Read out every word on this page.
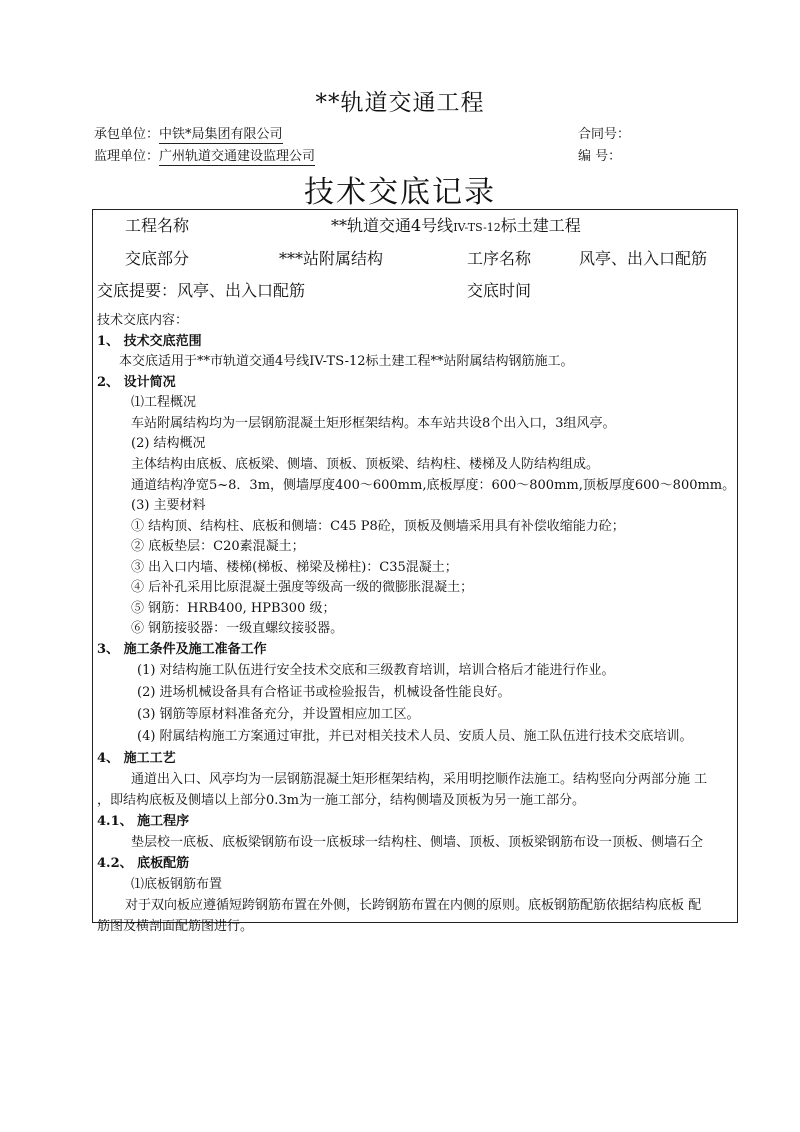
**轨道交通工程
承包单位：中铁*局集团有限公司
监理单位：广州轨道交通建设监理公司
合同号：
编 号：
技术交底记录
工程名称	**轨道交通4号线IV-TS-12标土建工程
交底部分	***站附属结构	工序名称	风亭、出入口配筋
交底提要：风亭、出入口配筋	交底时间
技术交底内容：
1、 技术交底范围
本交底适用于**市轨道交通4号线IV-TS-12标土建工程**站附属结构钢筋施工。
2、 设计简况
⑴工程概况
车站附属结构均为一层钢筋混凝土矩形框架结构。本车站共设8个出入口，3组风亭。
(2) 结构概况
主体结构由底板、底板梁、侧墙、顶板、顶板梁、结构柱、楼梯及人防结构组成。
通道结构净宽5~8．3m，侧墙厚度400～600mm,底板厚度：600～800mm,顶板厚度600～800mm。
(3) 主要材料
① 结构顶、结构柱、底板和侧墙：C45 P8砼，顶板及侧墙采用具有补偿收缩能力砼；
② 底板垫层：C20素混凝土；
③ 出入口内墙、楼梯(梯板、梯梁及梯柱)：C35混凝土；
④ 后补孔采用比原混凝土强度等级高一级的微膨胀混凝土；
⑤ 钢筋：HRB400, HPB300 级；
⑥ 钢筋接驳器：一级直螺纹接驳器。
3、 施工条件及施工准备工作
(1) 对结构施工队伍进行安全技术交底和三级教育培训，培训合格后才能进行作业。
(2) 进场机械设备具有合格证书或检验报告，机械设备性能良好。
(3) 钢筋等原材料准备充分，并设置相应加工区。
(4) 附属结构施工方案通过审批，并已对相关技术人员、安质人员、施工队伍进行技术交底培训。
4、 施工工艺
通道出入口、风亭均为一层钢筋混凝土矩形框架结构，采用明挖顺作法施工。结构竖向分两部分施 工
，即结构底板及侧墙以上部分0.3m为一施工部分，结构侧墙及顶板为另一施工部分。
4.1、 施工程序
垫层校一底板、底板梁钢筋布设一底板球一结构柱、侧墙、顶板、顶板梁钢筋布设一顶板、侧墙石仝
4.2、 底板配筋
⑴底板钢筋布置
对于双向板应遵循短跨钢筋布置在外侧，长跨钢筋布置在内侧的原则。底板钢筋配筋依据结构底板 配
筋图及横剖面配筋图进行。
